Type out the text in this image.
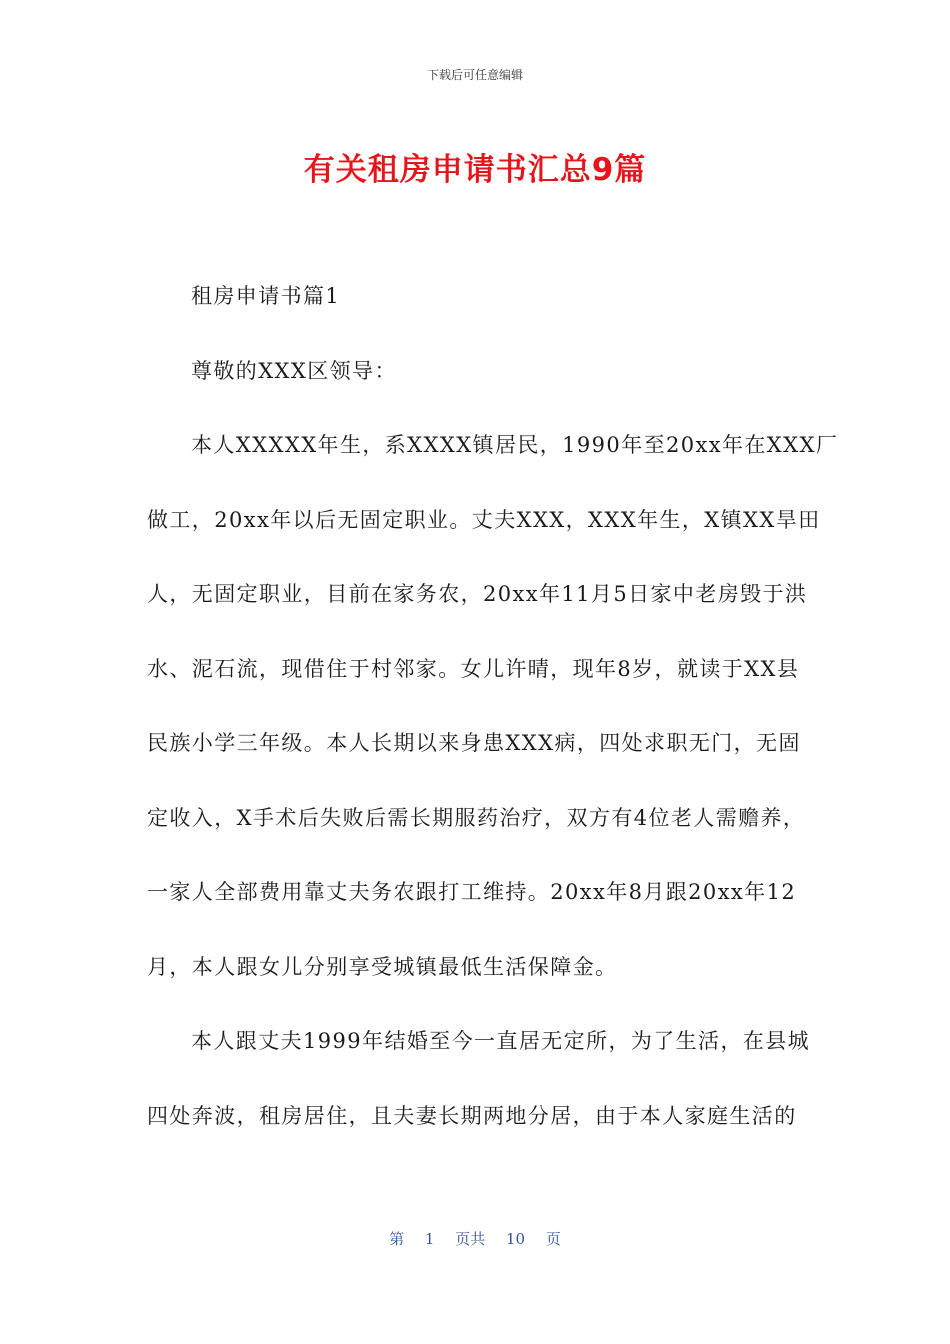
下载后可任意编辑
有关租房申请书汇总9篇
租房申请书篇1
尊敬的XXX区领导：
本人XXXXX年生，系XXXX镇居民，1990年至20xx年在XXX厂
做工，20xx年以后无固定职业。丈夫XXX，XXX年生，X镇XX旱田
人，无固定职业，目前在家务农，20xx年11月5日家中老房毁于洪
水、泥石流，现借住于村邻家。女儿许晴，现年8岁，就读于XX县
民族小学三年级。本人长期以来身患XXX病，四处求职无门，无固
定收入，X手术后失败后需长期服药治疗，双方有4位老人需赡养，
一家人全部费用靠丈夫务农跟打工维持。20xx年8月跟20xx年12
月，本人跟女儿分别享受城镇最低生活保障金。
本人跟丈夫1999年结婚至今一直居无定所，为了生活，在县城
四处奔波，租房居住，且夫妻长期两地分居，由于本人家庭生活的
第 1 页共 10 页
